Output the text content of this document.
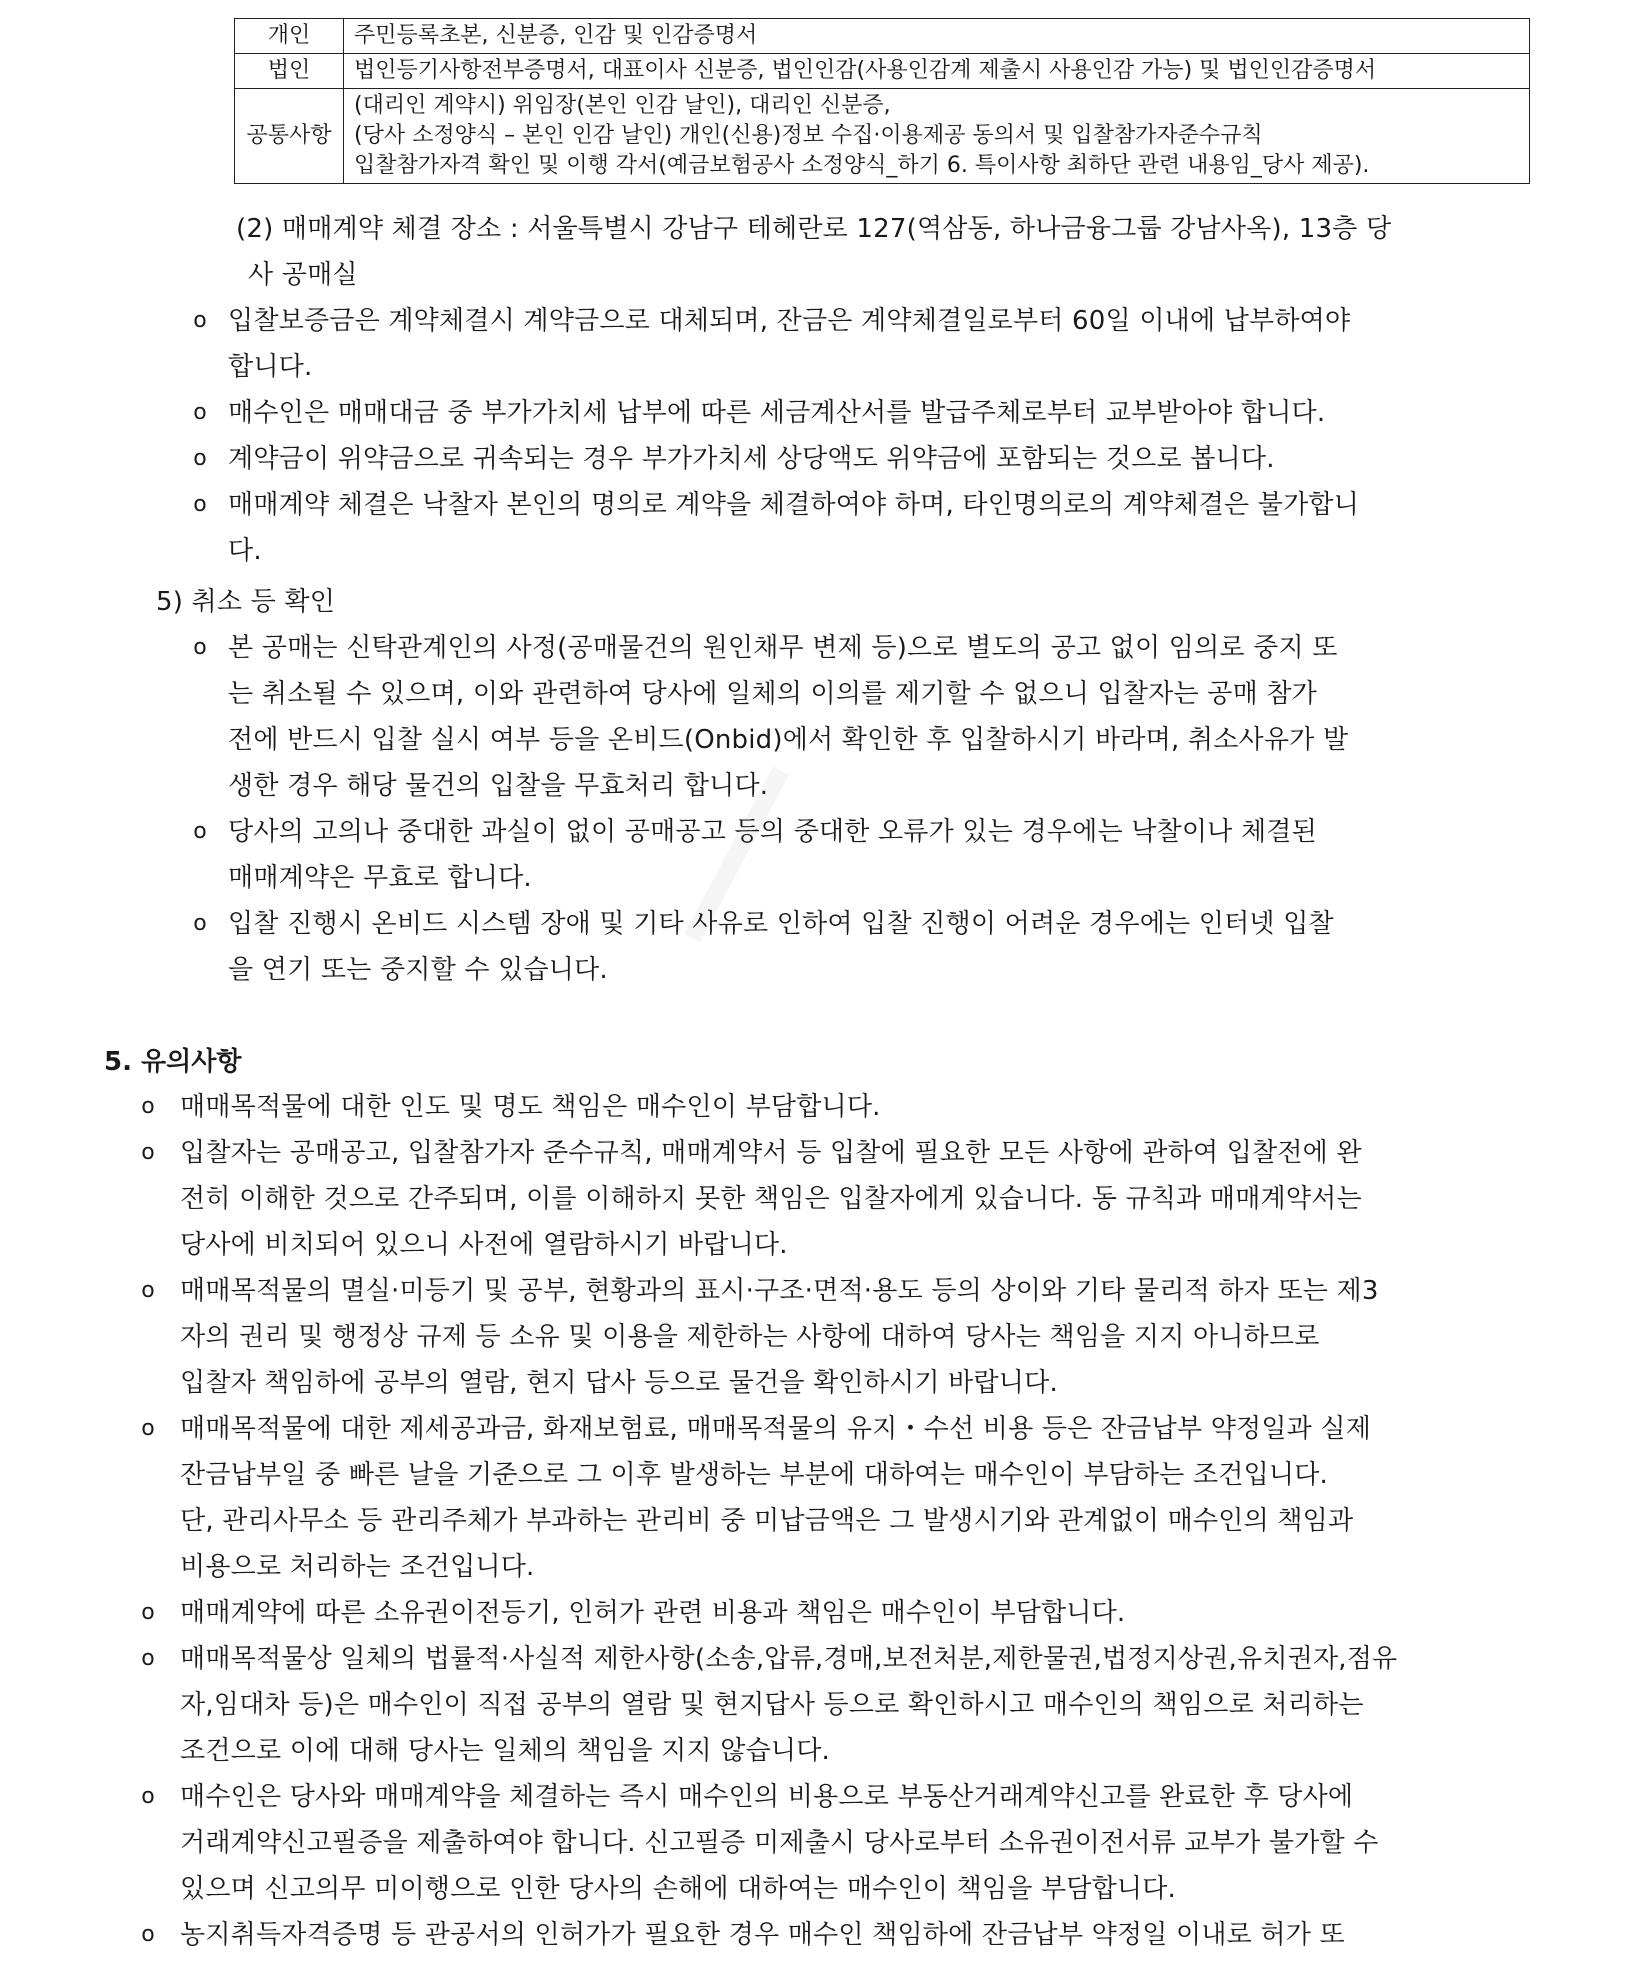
개인	주민등록초본, 신분증, 인감 및 인감증명서

법인	법인등기사항전부증명서, 대표이사 신분증, 법인인감(사용인감계 제출시 사용인감 가능) 및 법인인감증명서

공통사항	(대리인 계약시) 위임장(본인 인감 날인), 대리인 신분증,
(당사 소정양식 – 본인 인감 날인) 개인(신용)정보 수집·이용제공 동의서 및 입찰참가자준수규칙
입찰참가자격 확인 및 이행 각서(예금보험공사 소정양식_하기 6. 특이사항 최하단 관련 내용임_당사 제공).
(2) 매매계약 체결 장소 : 서울특별시 강남구 테헤란로 127(역삼동, 하나금융그룹 강남사옥), 13층 당
사 공매실
o 입찰보증금은 계약체결시 계약금으로 대체되며, 잔금은 계약체결일로부터 60일 이내에 납부하여야
합니다.
o 매수인은 매매대금 중 부가가치세 납부에 따른 세금계산서를 발급주체로부터 교부받아야 합니다.
o 계약금이 위약금으로 귀속되는 경우 부가가치세 상당액도 위약금에 포함되는 것으로 봅니다.
o 매매계약 체결은 낙찰자 본인의 명의로 계약을 체결하여야 하며, 타인명의로의 계약체결은 불가합니
다.
5) 취소 등 확인
o 본 공매는 신탁관계인의 사정(공매물건의 원인채무 변제 등)으로 별도의 공고 없이 임의로 중지 또
는 취소될 수 있으며, 이와 관련하여 당사에 일체의 이의를 제기할 수 없으니 입찰자는 공매 참가
전에 반드시 입찰 실시 여부 등을 온비드(Onbid)에서 확인한 후 입찰하시기 바라며, 취소사유가 발
생한 경우 해당 물건의 입찰을 무효처리 합니다.
o 당사의 고의나 중대한 과실이 없이 공매공고 등의 중대한 오류가 있는 경우에는 낙찰이나 체결된
매매계약은 무효로 합니다.
o 입찰 진행시 온비드 시스템 장애 및 기타 사유로 인하여 입찰 진행이 어려운 경우에는 인터넷 입찰
을 연기 또는 중지할 수 있습니다.
5. 유의사항
o 매매목적물에 대한 인도 및 명도 책임은 매수인이 부담합니다.
o 입찰자는 공매공고, 입찰참가자 준수규칙, 매매계약서 등 입찰에 필요한 모든 사항에 관하여 입찰전에 완
전히 이해한 것으로 간주되며, 이를 이해하지 못한 책임은 입찰자에게 있습니다. 동 규칙과 매매계약서는
당사에 비치되어 있으니 사전에 열람하시기 바랍니다.
o 매매목적물의 멸실·미등기 및 공부, 현황과의 표시·구조·면적·용도 등의 상이와 기타 물리적 하자 또는 제3
자의 권리 및 행정상 규제 등 소유 및 이용을 제한하는 사항에 대하여 당사는 책임을 지지 아니하므로
입찰자 책임하에 공부의 열람, 현지 답사 등으로 물건을 확인하시기 바랍니다.
o 매매목적물에 대한 제세공과금, 화재보험료, 매매목적물의 유지・수선 비용 등은 잔금납부 약정일과 실제
잔금납부일 중 빠른 날을 기준으로 그 이후 발생하는 부분에 대하여는 매수인이 부담하는 조건입니다.
단, 관리사무소 등 관리주체가 부과하는 관리비 중 미납금액은 그 발생시기와 관계없이 매수인의 책임과
비용으로 처리하는 조건입니다.
o 매매계약에 따른 소유권이전등기, 인허가 관련 비용과 책임은 매수인이 부담합니다.
o 매매목적물상 일체의 법률적·사실적 제한사항(소송,압류,경매,보전처분,제한물권,법정지상권,유치권자,점유
자,임대차 등)은 매수인이 직접 공부의 열람 및 현지답사 등으로 확인하시고 매수인의 책임으로 처리하는
조건으로 이에 대해 당사는 일체의 책임을 지지 않습니다.
o 매수인은 당사와 매매계약을 체결하는 즉시 매수인의 비용으로 부동산거래계약신고를 완료한 후 당사에
거래계약신고필증을 제출하여야 합니다. 신고필증 미제출시 당사로부터 소유권이전서류 교부가 불가할 수
있으며 신고의무 미이행으로 인한 당사의 손해에 대하여는 매수인이 책임을 부담합니다.
o 농지취득자격증명 등 관공서의 인허가가 필요한 경우 매수인 책임하에 잔금납부 약정일 이내로 허가 또
